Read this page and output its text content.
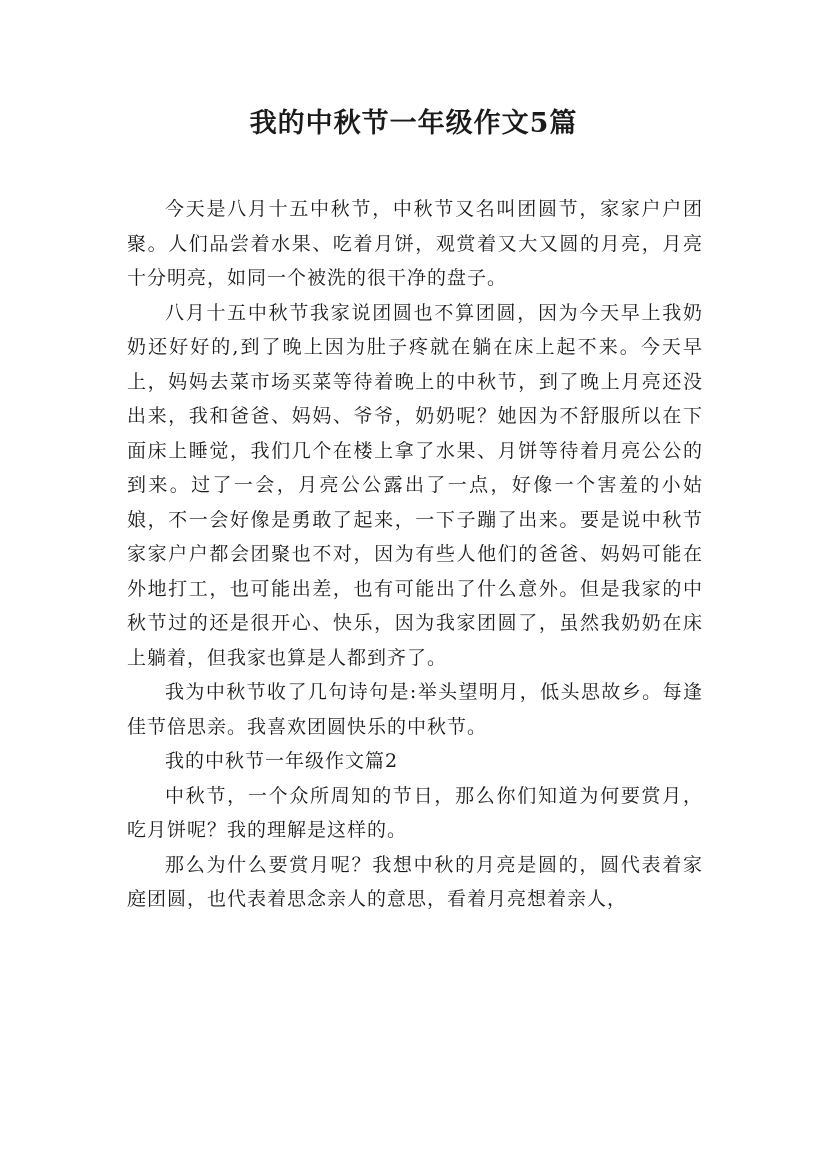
我的中秋节一年级作文5篇

今天是八月十五中秋节，中秋节又名叫团圆节，家家户户团聚。人们品尝着水果、吃着月饼，观赏着又大又圆的月亮，月亮十分明亮，如同一个被洗的很干净的盘子。

八月十五中秋节我家说团圆也不算团圆，因为今天早上我奶奶还好好的,到了晚上因为肚子疼就在躺在床上起不来。今天早上，妈妈去菜市场买菜等待着晚上的中秋节，到了晚上月亮还没出来，我和爸爸、妈妈、爷爷，奶奶呢？她因为不舒服所以在下面床上睡觉，我们几个在楼上拿了水果、月饼等待着月亮公公的到来。过了一会，月亮公公露出了一点，好像一个害羞的小姑娘，不一会好像是勇敢了起来，一下子蹦了出来。要是说中秋节家家户户都会团聚也不对，因为有些人他们的爸爸、妈妈可能在外地打工，也可能出差，也有可能出了什么意外。但是我家的中秋节过的还是很开心、快乐，因为我家团圆了，虽然我奶奶在床上躺着，但我家也算是人都到齐了。

我为中秋节收了几句诗句是:举头望明月，低头思故乡。每逢佳节倍思亲。我喜欢团圆快乐的中秋节。

我的中秋节一年级作文篇2

中秋节，一个众所周知的节日，那么你们知道为何要赏月，吃月饼呢？我的理解是这样的。

那么为什么要赏月呢？我想中秋的月亮是圆的，圆代表着家庭团圆，也代表着思念亲人的意思，看着月亮想着亲人，
